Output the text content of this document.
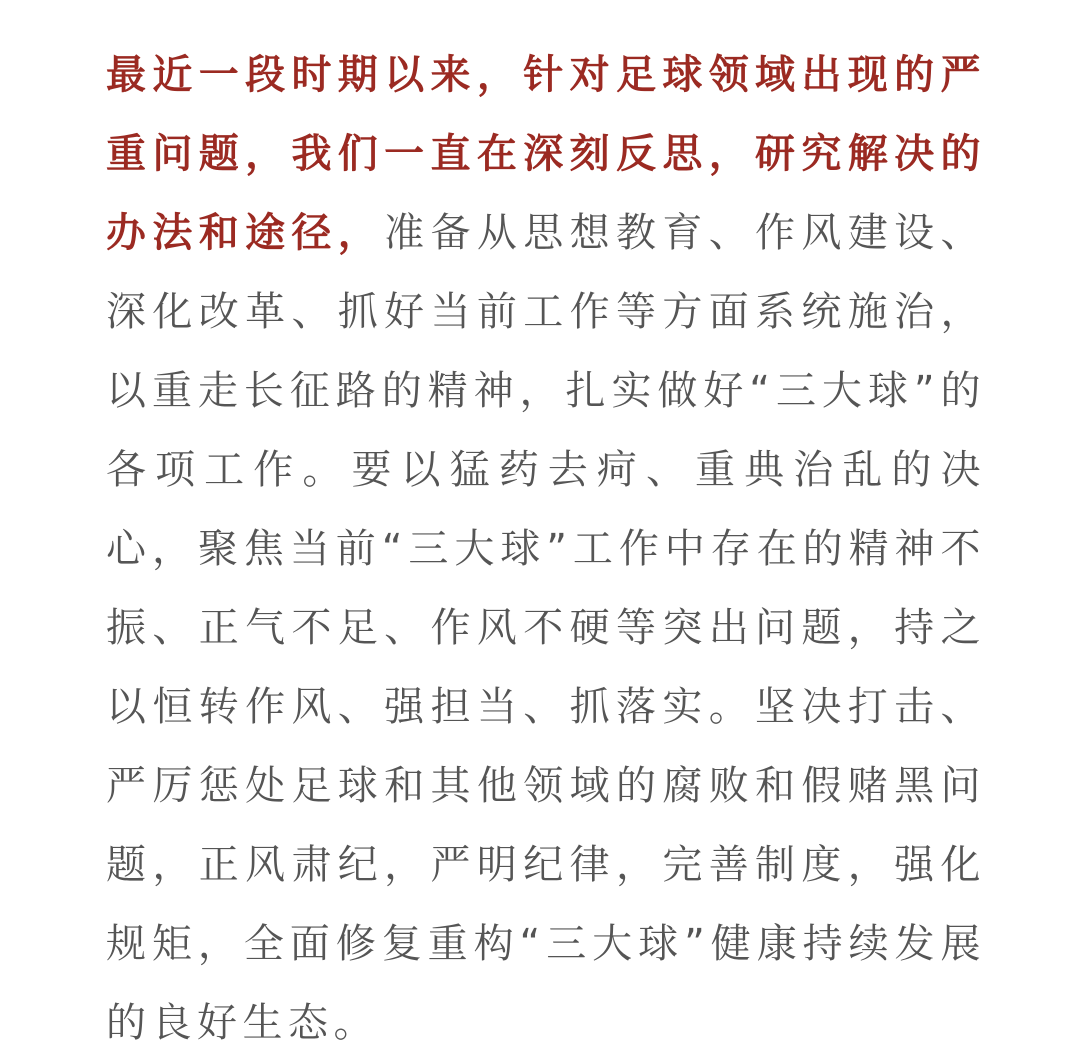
最近一段时期以来，针对足球领域出现的严重问题，我们一直在深刻反思，研究解决的办法和途径，准备从思想教育、作风建设、深化改革、抓好当前工作等方面系统施治，以重走长征路的精神，扎实做好“三大球”的各项工作。要以猛药去疴、重典治乱的决心，聚焦当前“三大球”工作中存在的精神不振、正气不足、作风不硬等突出问题，持之以恒转作风、强担当、抓落实。坚决打击、严厉惩处足球和其他领域的腐败和假赌黑问题，正风肃纪，严明纪律，完善制度，强化规矩，全面修复重构“三大球”健康持续发展的良好生态。
